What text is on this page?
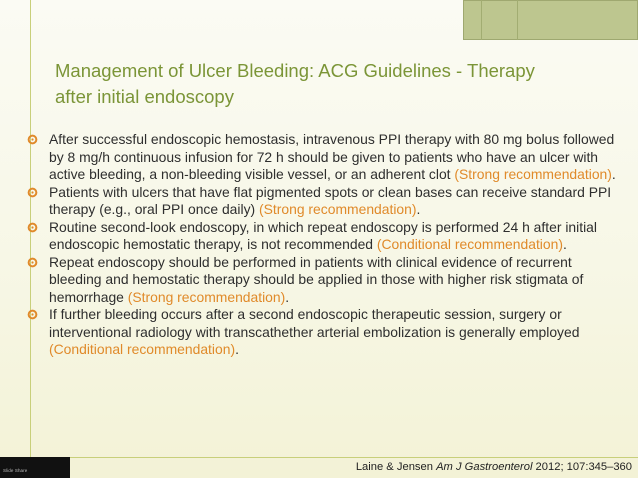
Management of Ulcer Bleeding: ACG Guidelines - Therapy
after initial endoscopy
After successful endoscopic hemostasis, intravenous PPI therapy with 80 mg bolus followed by 8 mg/h continuous infusion for 72 h should be given to patients who have an ulcer with active bleeding, a non-bleeding visible vessel, or an adherent clot (Strong recommendation).
Patients with ulcers that have flat pigmented spots or clean bases can receive standard PPI therapy (e.g., oral PPI once daily) (Strong recommendation).
Routine second-look endoscopy, in which repeat endoscopy is performed 24 h after initial endoscopic hemostatic therapy, is not recommended (Conditional recommendation).
Repeat endoscopy should be performed in patients with clinical evidence of recurrent bleeding and hemostatic therapy should be applied in those with higher risk stigmata of hemorrhage (Strong recommendation).
If further bleeding occurs after a second endoscopic therapeutic session, surgery or interventional radiology with transcathether arterial embolization is generally employed (Conditional recommendation).
Slide Share	Laine & Jensen Am J Gastroenterol 2012; 107:345–360
